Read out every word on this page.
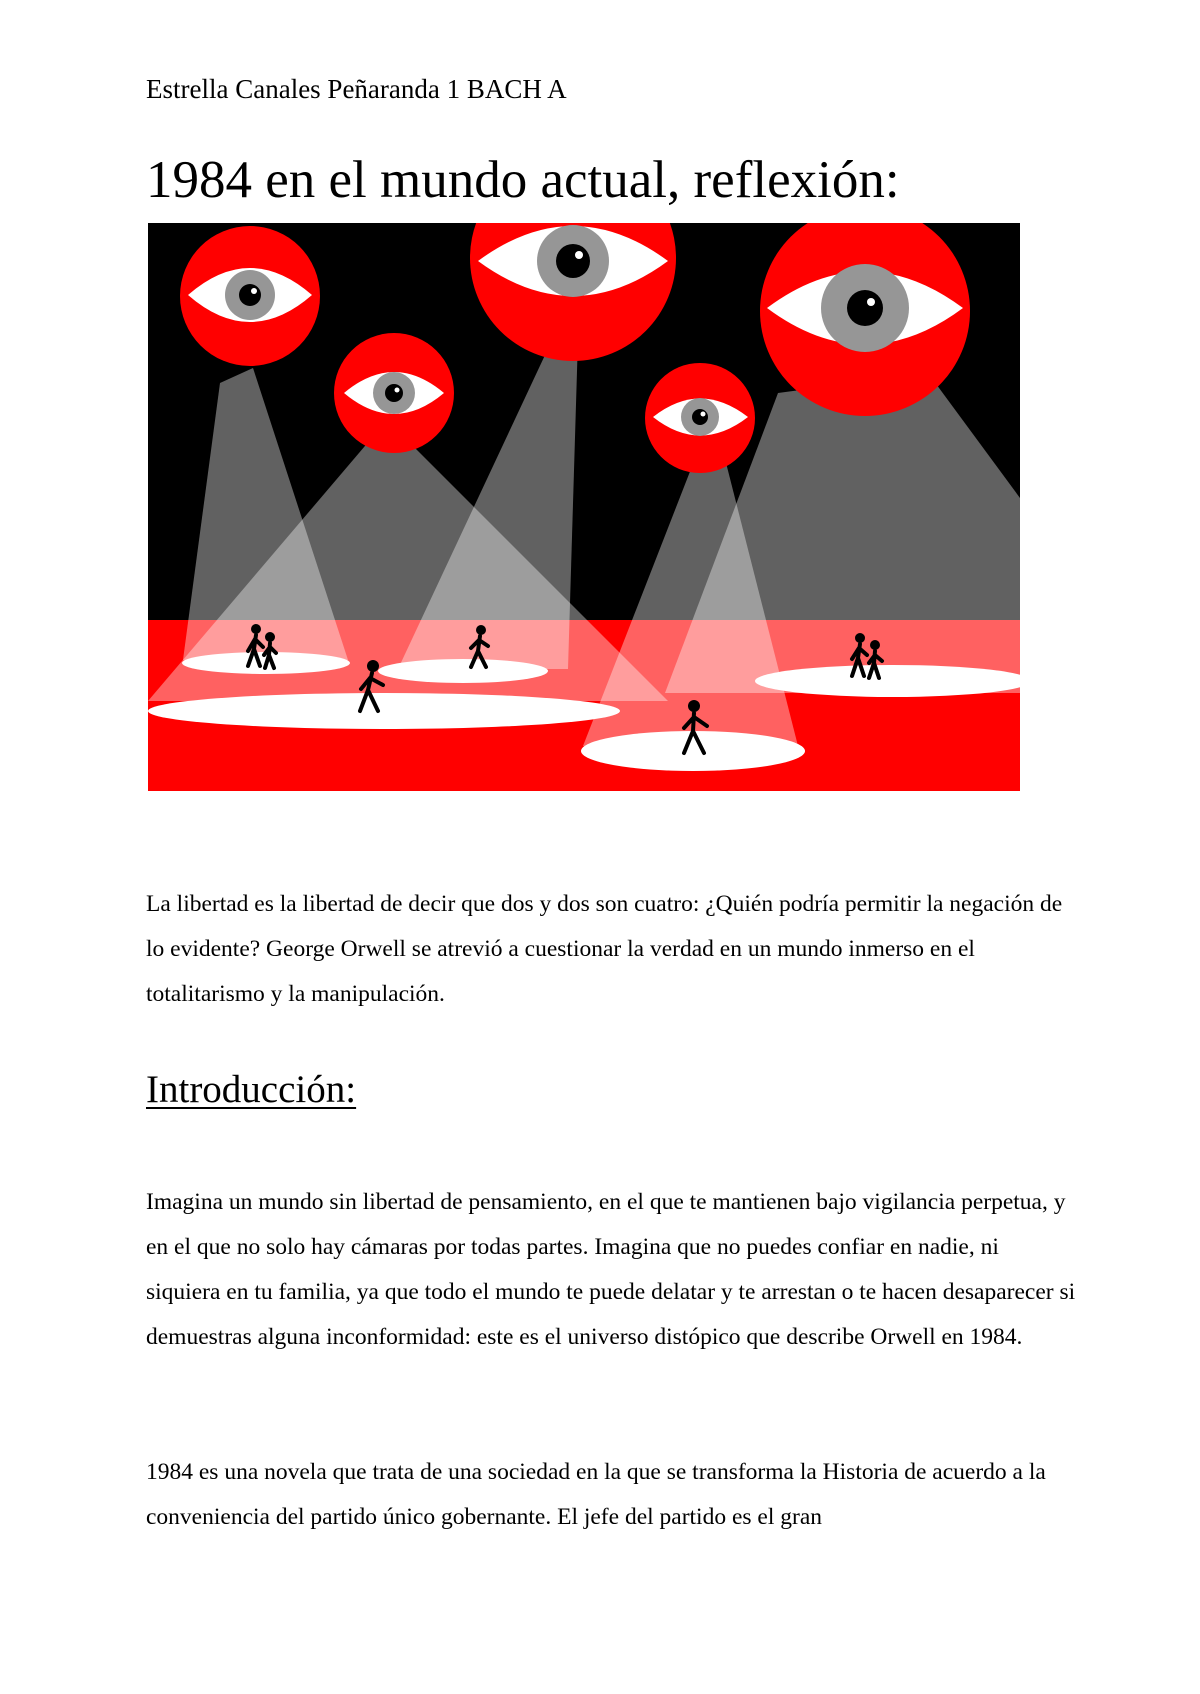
Estrella Canales Peñaranda 1 BACH A
1984 en el mundo actual, reflexión:

La libertad es la libertad de decir que dos y dos son cuatro: ¿Quién podría permitir la negación de lo evidente? George Orwell se atrevió a cuestionar la verdad en un mundo inmerso en el totalitarismo y la manipulación.

Introducción:

Imagina un mundo sin libertad de pensamiento, en el que te mantienen bajo vigilancia perpetua, y en el que no solo hay cámaras por todas partes. Imagina que no puedes confiar en nadie, ni siquiera en tu familia, ya que todo el mundo te puede delatar y te arrestan o te hacen desaparecer si demuestras alguna inconformidad: este es el universo distópico que describe Orwell en 1984.

1984 es una novela que trata de una sociedad en la que se transforma la Historia de acuerdo a la conveniencia del partido único gobernante. El jefe del partido es el gran
